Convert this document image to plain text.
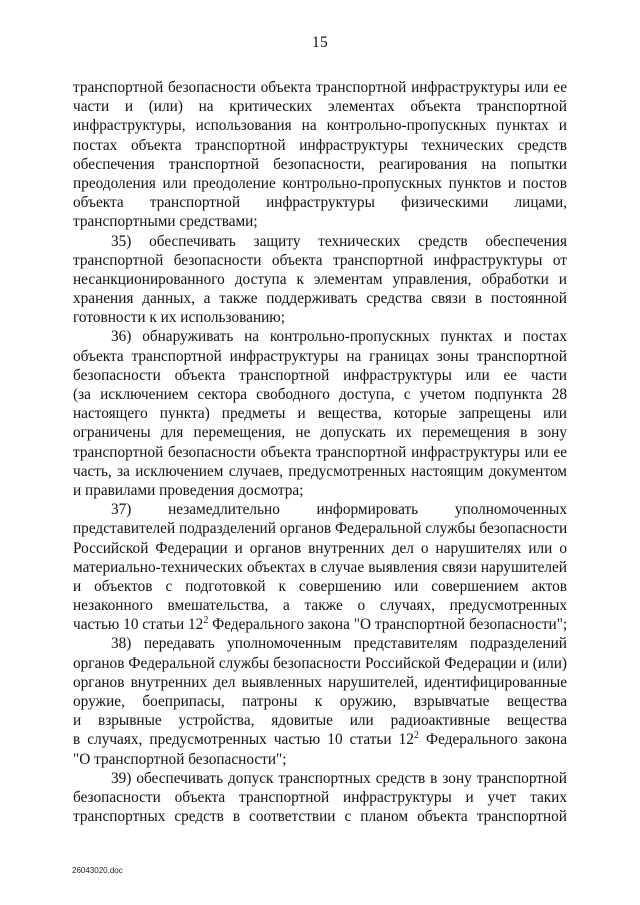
15
транспортной безопасности объекта транспортной инфраструктуры или ее
части и (или) на критических элементах объекта транспортной
инфраструктуры, использования на контрольно-пропускных пунктах и
постах объекта транспортной инфраструктуры технических средств
обеспечения транспортной безопасности, реагирования на попытки
преодоления или преодоление контрольно-пропускных пунктов и постов
объекта транспортной инфраструктуры физическими лицами,
транспортными средствами;
35) обеспечивать защиту технических средств обеспечения
транспортной безопасности объекта транспортной инфраструктуры от
несанкционированного доступа к элементам управления, обработки и
хранения данных, а также поддерживать средства связи в постоянной
готовности к их использованию;
36) обнаруживать на контрольно-пропускных пунктах и постах
объекта транспортной инфраструктуры на границах зоны транспортной
безопасности объекта транспортной инфраструктуры или ее части
(за исключением сектора свободного доступа, с учетом подпункта 28
настоящего пункта) предметы и вещества, которые запрещены или
ограничены для перемещения, не допускать их перемещения в зону
транспортной безопасности объекта транспортной инфраструктуры или ее
часть, за исключением случаев, предусмотренных настоящим документом
и правилами проведения досмотра;
37) незамедлительно информировать уполномоченных
представителей подразделений органов Федеральной службы безопасности
Российской Федерации и органов внутренних дел о нарушителях или о
материально-технических объектах в случае выявления связи нарушителей
и объектов с подготовкой к совершению или совершением актов
незаконного вмешательства, а также о случаях, предусмотренных
частью 10 статьи $12^2$ Федерального закона "О транспортной безопасности";
38) передавать уполномоченным представителям подразделений
органов Федеральной службы безопасности Российской Федерации и (или)
органов внутренних дел выявленных нарушителей, идентифицированные
оружие, боеприпасы, патроны к оружию, взрывчатые вещества
и взрывные устройства, ядовитые или радиоактивные вещества
в случаях, предусмотренных частью 10 статьи $12^2$ Федерального закона
"О транспортной безопасности";
39) обеспечивать допуск транспортных средств в зону транспортной
безопасности объекта транспортной инфраструктуры и учет таких
транспортных средств в соответствии с планом объекта транспортной
26043020.doc
